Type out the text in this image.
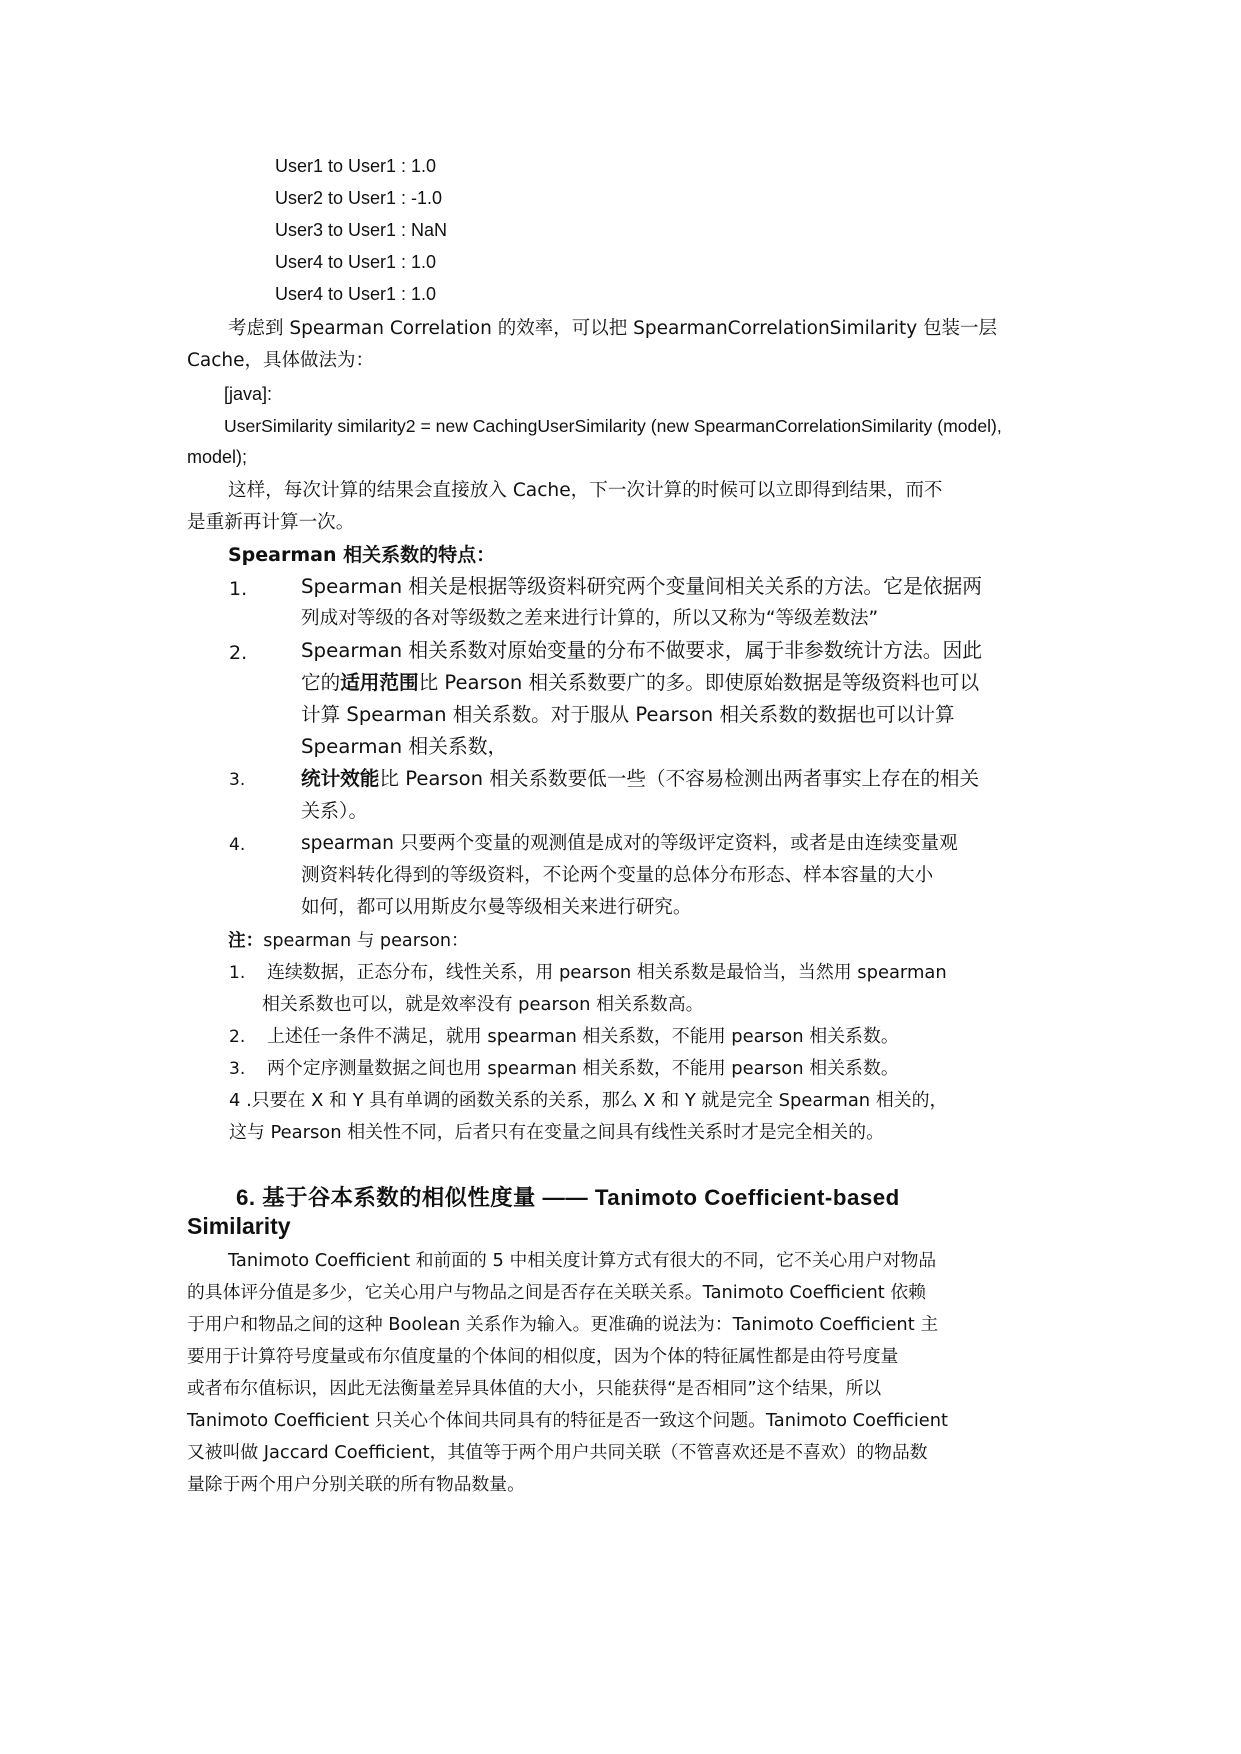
User1 to User1 : 1.0
User2 to User1 : -1.0
User3 to User1 : NaN
User4 to User1 : 1.0
User4 to User1 : 1.0
考虑到 Spearman Correlation 的效率，可以把 SpearmanCorrelationSimilarity 包装一层
Cache，具体做法为：
[java]:
UserSimilarity similarity2 = new CachingUserSimilarity (new SpearmanCorrelationSimilarity (model),
model);
这样，每次计算的结果会直接放入 Cache，下一次计算的时候可以立即得到结果，而不
是重新再计算一次。
Spearman 相关系数的特点：
1.	Spearman 相关是根据等级资料研究两个变量间相关关系的方法。它是依据两
列成对等级的各对等级数之差来进行计算的，所以又称为“等级差数法”
2.	Spearman 相关系数对原始变量的分布不做要求，属于非参数统计方法。因此
它的适用范围比 Pearson 相关系数要广的多。即使原始数据是等级资料也可以
计算 Spearman 相关系数。对于服从 Pearson 相关系数的数据也可以计算
Spearman 相关系数，
3.	统计效能比 Pearson 相关系数要低一些（不容易检测出两者事实上存在的相关
关系）。
4.	spearman 只要两个变量的观测值是成对的等级评定资料，或者是由连续变量观
测资料转化得到的等级资料，不论两个变量的总体分布形态、样本容量的大小
如何，都可以用斯皮尔曼等级相关来进行研究。
注：spearman 与 pearson：
1. 连续数据，正态分布，线性关系，用 pearson 相关系数是最恰当，当然用 spearman
相关系数也可以，就是效率没有 pearson 相关系数高。
2. 上述任一条件不满足，就用 spearman 相关系数，不能用 pearson 相关系数。
3. 两个定序测量数据之间也用 spearman 相关系数，不能用 pearson 相关系数。
4 .只要在 X 和 Y 具有单调的函数关系的关系，那么 X 和 Y 就是完全 Spearman 相关的，
这与 Pearson 相关性不同，后者只有在变量之间具有线性关系时才是完全相关的。
6. 基于谷本系数的相似性度量 —— Tanimoto Coefficient-based
Similarity
Tanimoto Coefficient 和前面的 5 中相关度计算方式有很大的不同，它不关心用户对物品
的具体评分值是多少，它关心用户与物品之间是否存在关联关系。Tanimoto Coefficient 依赖
于用户和物品之间的这种 Boolean 关系作为输入。更准确的说法为：Tanimoto Coefficient 主
要用于计算符号度量或布尔值度量的个体间的相似度，因为个体的特征属性都是由符号度量
或者布尔值标识，因此无法衡量差异具体值的大小，只能获得“是否相同”这个结果，所以
Tanimoto Coefficient 只关心个体间共同具有的特征是否一致这个问题。Tanimoto Coefficient
又被叫做 Jaccard Coefficient，其值等于两个用户共同关联（不管喜欢还是不喜欢）的物品数
量除于两个用户分别关联的所有物品数量。
